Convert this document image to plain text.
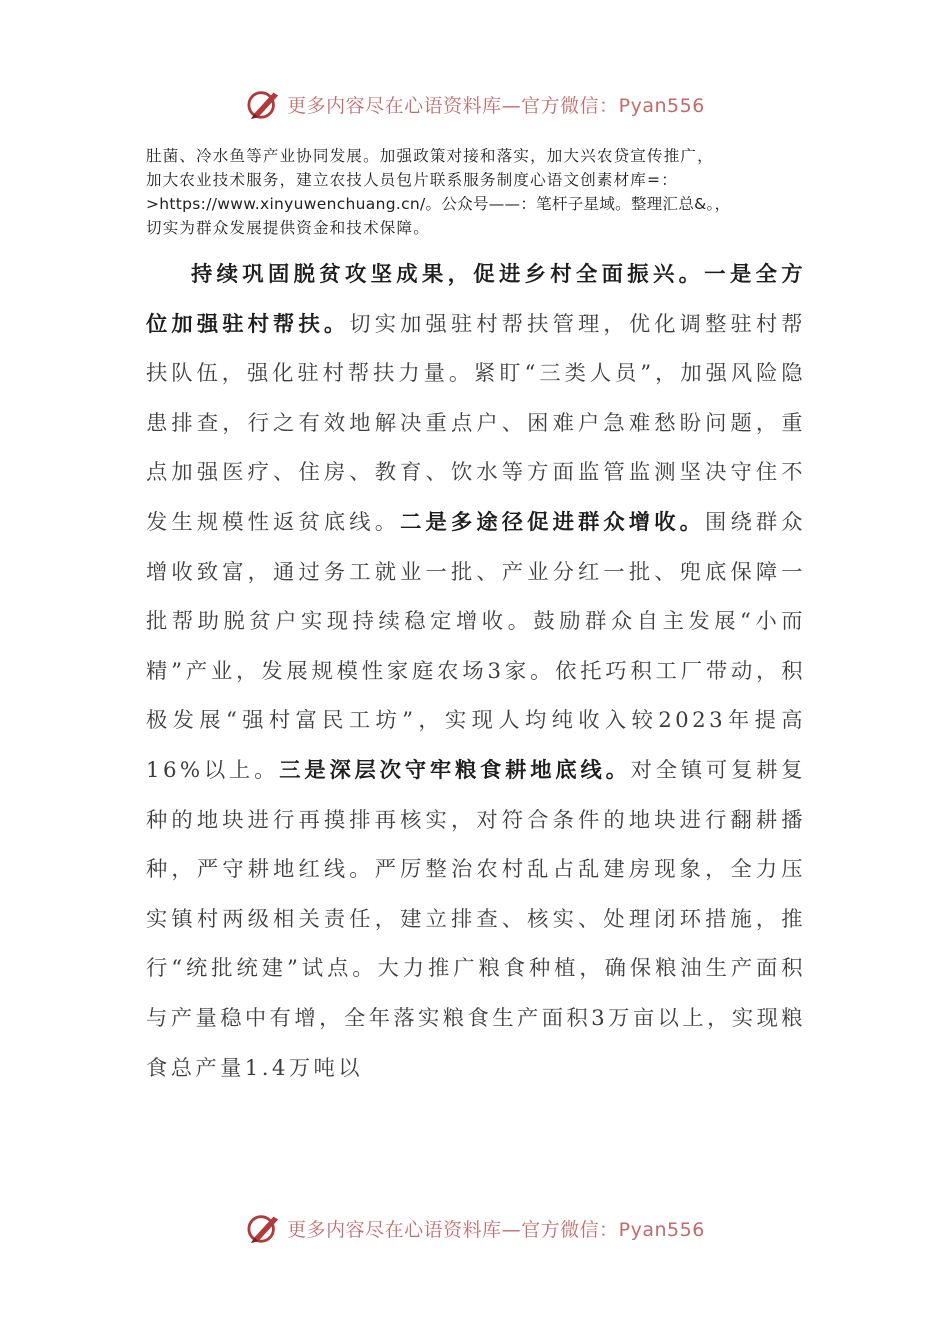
更多内容尽在心语资料库—官方微信：Pyan556

肚菌、冷水鱼等产业协同发展。加强政策对接和落实，加大兴农贷宣传推广，

加大农业技术服务，建立农技人员包片联系服务制度心语文创素材库=：

>https://www.xinyuwenchuang.cn/。公众号——：笔杆子星域。整理汇总&。，

切实为群众发展提供资金和技术保障。

持续巩固脱贫攻坚成果，促进乡村全面振兴。一是全方位加强驻村帮扶。切实加强驻村帮扶管理，优化调整驻村帮扶队伍，强化驻村帮扶力量。紧盯“三类人员”，加强风险隐患排查，行之有效地解决重点户、困难户急难愁盼问题，重点加强医疗、住房、教育、饮水等方面监管监测坚决守住不发生规模性返贫底线。二是多途径促进群众增收。围绕群众增收致富，通过务工就业一批、产业分红一批、兜底保障一批帮助脱贫户实现持续稳定增收。鼓励群众自主发展“小而精”产业，发展规模性家庭农场3家。依托巧积工厂带动，积极发展“强村富民工坊”，实现人均纯收入较2023年提高16%以上。三是深层次守牢粮食耕地底线。对全镇可复耕复种的地块进行再摸排再核实，对符合条件的地块进行翻耕播种，严守耕地红线。严厉整治农村乱占乱建房现象，全力压实镇村两级相关责任，建立排查、核实、处理闭环措施，推行“统批统建”试点。大力推广粮食种植，确保粮油生产面积与产量稳中有增，全年落实粮食生产面积3万亩以上，实现粮食总产量1.4万吨以

更多内容尽在心语资料库—官方微信：Pyan556
